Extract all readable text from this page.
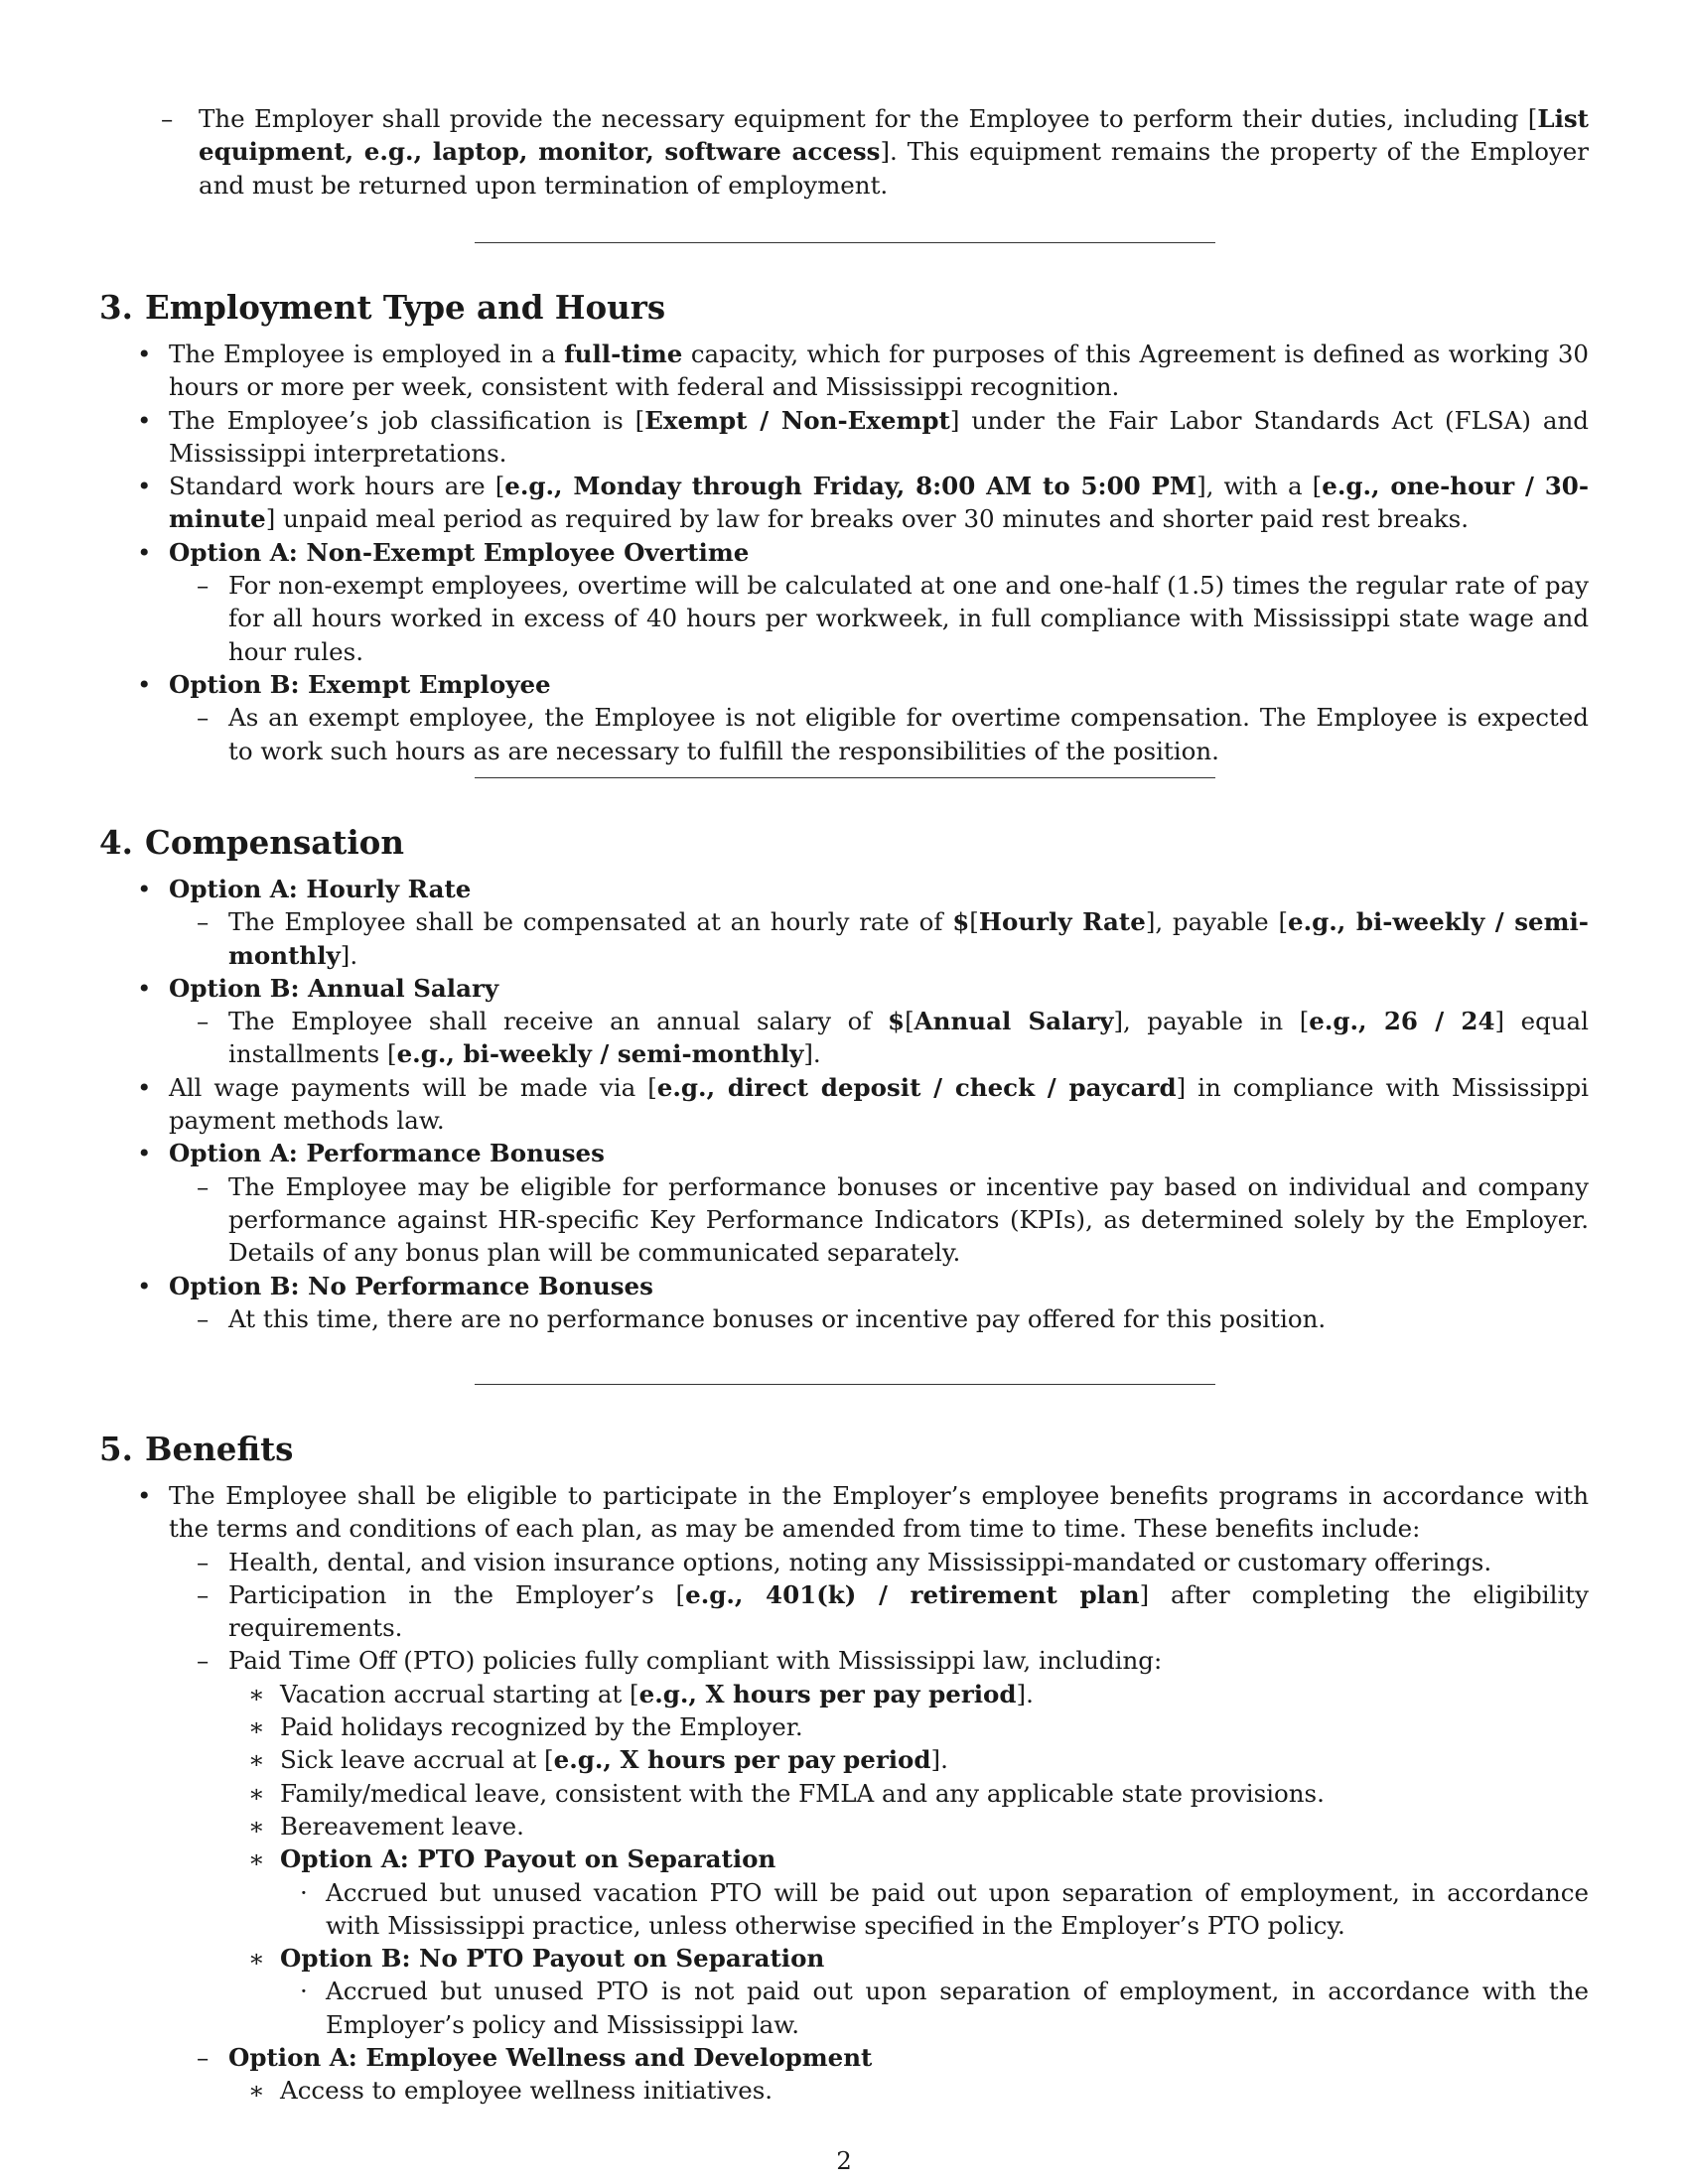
– The Employer shall provide the necessary equipment for the Employee to perform their duties, including [List equipment, e.g., laptop, monitor, software access]. This equipment remains the property of the Employer and must be returned upon termination of employment.
3. Employment Type and Hours
• The Employee is employed in a full-time capacity, which for purposes of this Agreement is defined as working 30 hours or more per week, consistent with federal and Mississippi recognition.
• The Employee’s job classification is [Exempt / Non-Exempt] under the Fair Labor Standards Act (FLSA) and Mississippi interpretations.
• Standard work hours are [e.g., Monday through Friday, 8:00 AM to 5:00 PM], with a [e.g., one-hour / 30-minute] unpaid meal period as required by law for breaks over 30 minutes and shorter paid rest breaks.
• Option A: Non-Exempt Employee Overtime
– For non-exempt employees, overtime will be calculated at one and one-half (1.5) times the regular rate of pay for all hours worked in excess of 40 hours per workweek, in full compliance with Mississippi state wage and hour rules.
• Option B: Exempt Employee
– As an exempt employee, the Employee is not eligible for overtime compensation. The Employee is expected to work such hours as are necessary to fulfill the responsibilities of the position.
4. Compensation
• Option A: Hourly Rate
– The Employee shall be compensated at an hourly rate of $[Hourly Rate], payable [e.g., bi-weekly / semi-monthly].
• Option B: Annual Salary
– The Employee shall receive an annual salary of $[Annual Salary], payable in [e.g., 26 / 24] equal installments [e.g., bi-weekly / semi-monthly].
• All wage payments will be made via [e.g., direct deposit / check / paycard] in compliance with Mississippi payment methods law.
• Option A: Performance Bonuses
– The Employee may be eligible for performance bonuses or incentive pay based on individual and company performance against HR-specific Key Performance Indicators (KPIs), as determined solely by the Employer. Details of any bonus plan will be communicated separately.
• Option B: No Performance Bonuses
– At this time, there are no performance bonuses or incentive pay offered for this position.
5. Benefits
• The Employee shall be eligible to participate in the Employer’s employee benefits programs in accordance with the terms and conditions of each plan, as may be amended from time to time. These benefits include:
– Health, dental, and vision insurance options, noting any Mississippi-mandated or customary offerings.
– Participation in the Employer’s [e.g., 401(k) / retirement plan] after completing the eligibility requirements.
– Paid Time Off (PTO) policies fully compliant with Mississippi law, including:
∗ Vacation accrual starting at [e.g., X hours per pay period].
∗ Paid holidays recognized by the Employer.
∗ Sick leave accrual at [e.g., X hours per pay period].
∗ Family/medical leave, consistent with the FMLA and any applicable state provisions.
∗ Bereavement leave.
∗ Option A: PTO Payout on Separation
· Accrued but unused vacation PTO will be paid out upon separation of employment, in accordance with Mississippi practice, unless otherwise specified in the Employer’s PTO policy.
∗ Option B: No PTO Payout on Separation
· Accrued but unused PTO is not paid out upon separation of employment, in accordance with the Employer’s policy and Mississippi law.
– Option A: Employee Wellness and Development
∗ Access to employee wellness initiatives.
2
